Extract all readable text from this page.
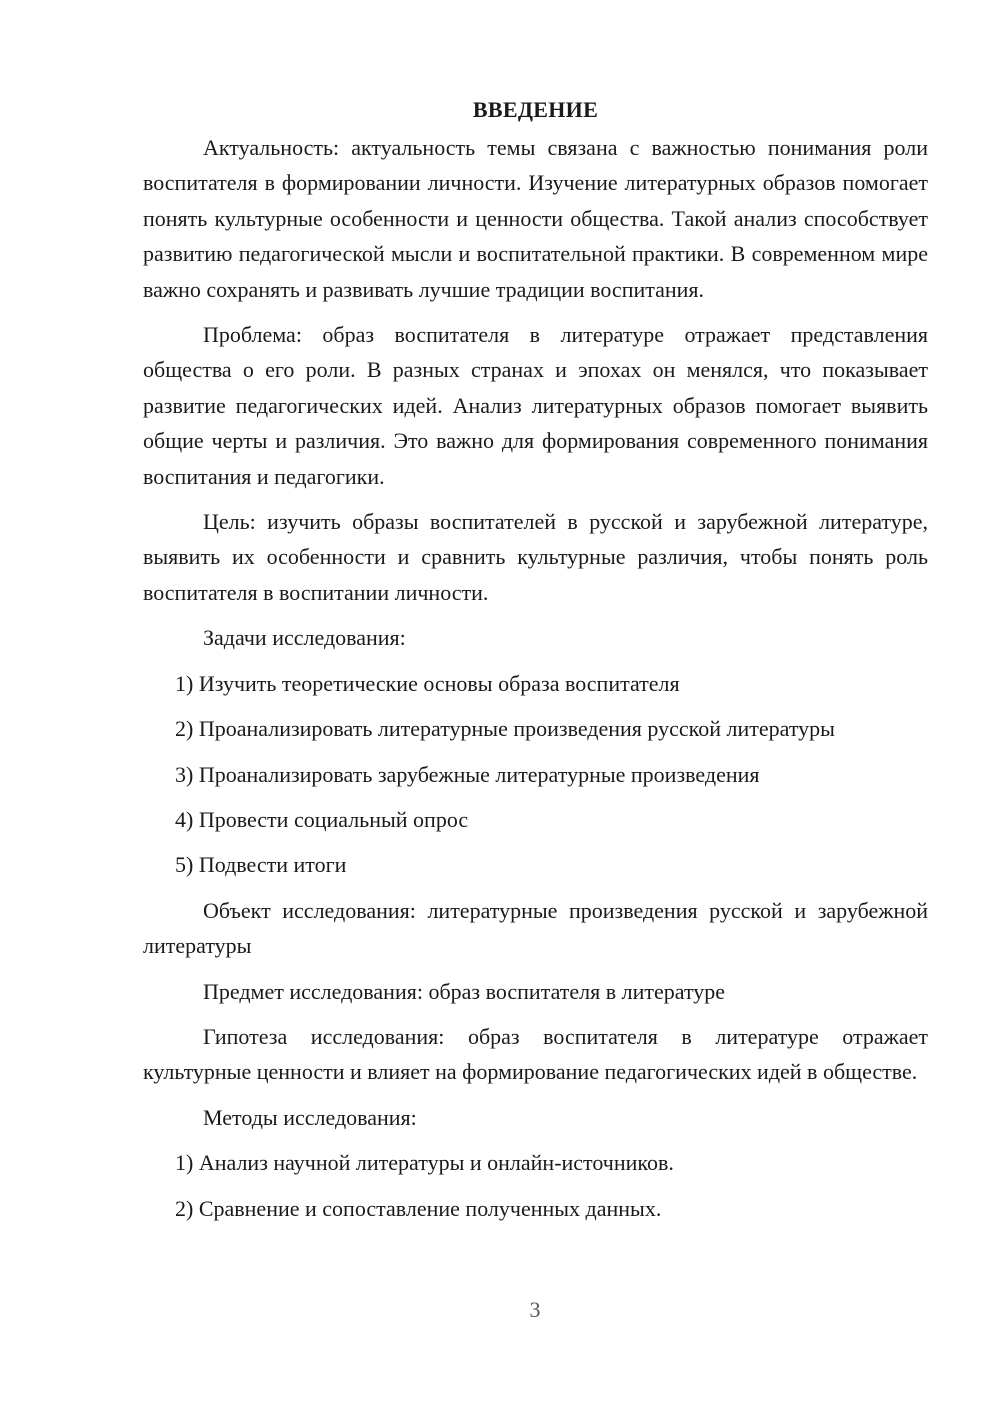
ВВЕДЕНИЕ

Актуальность: актуальность темы связана с важностью понимания роли воспитателя в формировании личности. Изучение литературных образов помогает понять культурные особенности и ценности общества. Такой анализ способствует развитию педагогической мысли и воспитательной практики. В современном мире важно сохранять и развивать лучшие традиции воспитания.

Проблема: образ воспитателя в литературе отражает представления общества о его роли. В разных странах и эпохах он менялся, что показывает развитие педагогических идей. Анализ литературных образов помогает выявить общие черты и различия. Это важно для формирования современного понимания воспитания и педагогики.

Цель: изучить образы воспитателей в русской и зарубежной литературе, выявить их особенности и сравнить культурные различия, чтобы понять роль воспитателя в воспитании личности.

Задачи исследования:

1) Изучить теоретические основы образа воспитателя

2) Проанализировать литературные произведения русской литературы

3) Проанализировать зарубежные литературные произведения

4) Провести социальный опрос

5) Подвести итоги

Объект исследования: литературные произведения русской и зарубежной литературы

Предмет исследования: образ воспитателя в литературе

Гипотеза исследования: образ воспитателя в литературе отражает культурные ценности и влияет на формирование педагогических идей в обществе.

Методы исследования:

1) Анализ научной литературы и онлайн-источников.

2) Сравнение и сопоставление полученных данных.

3
